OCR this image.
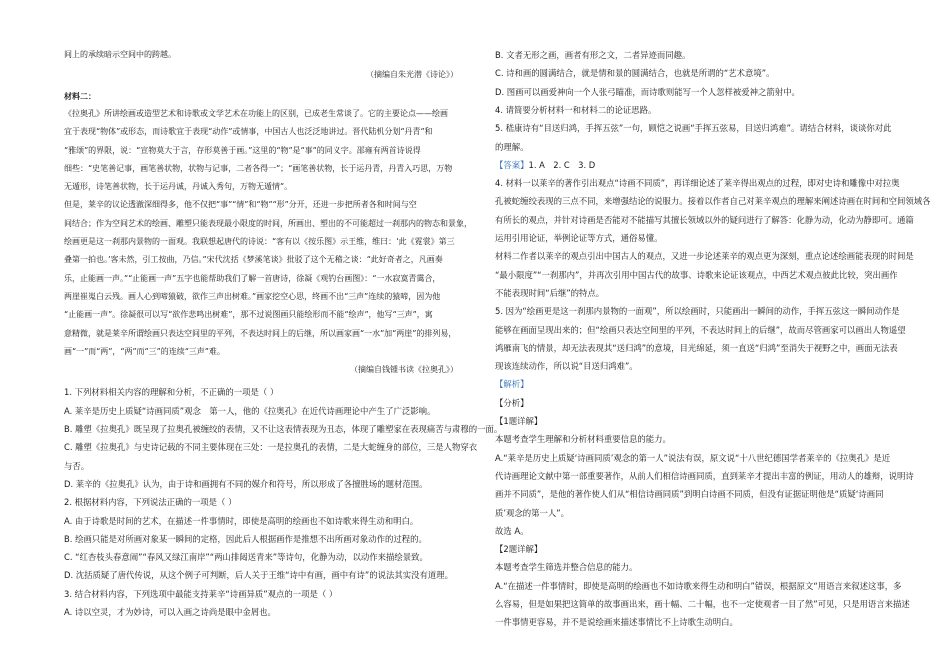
间上的承续暗示空间中的跨越。
（摘编自朱光潜《诗论》）
材料二：
《拉奥孔》所讲绘画或造型艺术和诗歌或文学艺术在功能上的区别，已成老生常谈了。它的主要论点——绘画
宜于表现“物体”或形态，而诗歌宜于表现“动作”或情事，中国古人也泛泛地讲过。晋代陆机分划“丹青”和
“雅颂”的界限，说：“宣物莫大于言，存形莫善于画。”这里的“物”是“事”的同义字。邵雍有两首诗说得
细些：“史笔善记事，画笔善状物，状物与记事，二者各得一”；“画笔善状物，长于运丹青，丹青入巧思，万物
无遁形，诗笔善状物，长于运丹诚，丹诚入秀句，万物无遁情”。
但是，莱辛的议论透澈深细得多，他不仅把“事”“情”和“物”“形”分开，还进一步把所者各和时间与空
间结合；作为空间艺术的绘画、雕塑只能表现最小限度的时间，所画出、塑出的不可能超过一刹那内的物态和景象，
绘画更是这一刹那内景物的一面观。我联想起唐代的诗说：“客有以《按乐图》示王维，维曰：‘此《霓裳》第三
叠第一拍也。’客未然，引工按曲，乃信。”宋代沈括《梦溪笔谈》批驳了这个无稽之谈：“此好奇者之，凡画奏
乐，止能画一声。”“止能画一声”五字也能帮助我们了解一首唐诗，徐凝《观钓台画图》：“一水寂寞青霭合，
两崖崔嵬白云残。画人心到啼猿破，欲作三声出树难。”画家挖空心思，终画不出“三声”连续的猿啼，因为他
“止能画一声”。徐凝很可以写“欲作悲鸣出树难”，那不过说图画只能绘形而不能“绘声”，他写“三声”，寓
意精微，就是莱辛所谓绘画只表达空间里的平列，不表达时间上的后继，所以画家画“一水”加“两崖”的排列易，
画“一”而“两”，“两”而“三”的连续“三声”难。
（摘编自钱锺书读《拉奥孔》）
1. 下列材料相关内容的理解和分析，不正确的一项是（ ）
A. 莱辛是历史上质疑“诗画同质”观念　第一人，他的《拉奥孔》在近代诗画理论中产生了广泛影响。
B. 雕塑《拉奥孔》既呈现了拉奥孔被缠绞的表情，又不让这表情表现为丑态，体现了雕塑家在表现痛苦与肃穆的一面。
C. 雕塑《拉奥孔》与史诗记载的不同主要体现在三处：一是拉奥孔的表情，二是大蛇缠身的部位，三是人物穿衣
与否。
D. 莱辛的《拉奥孔》认为，由于诗和画拥有不同的媒介和符号，所以形成了各擅胜场的题材范围。
2. 根据材料内容，下列说法正确的一项是（ ）
A. 由于诗歌是时间的艺术，在描述一件事情时，即使是高明的绘画也不如诗歌来得生动和明白。
B. 绘画只能是对所画对象某一瞬间的定格，因此后人根据画作是推想不出所画对象动作的过程的。
C. “红杏枝头春意闹”“春风又绿江南岸”“两山排闼送青来”等诗句，化静为动，以动作来描绘景致。
D. 沈括质疑了唐代传说，从这个例子可判断，后人关于王维“诗中有画，画中有诗”的说法其实没有道理。
3. 结合材料内容，下列选项中最能支持莱辛“诗画异质”观点的一项是（ ）
A. 诗以空灵，才为妙诗，可以入画之诗尚是眼中金屑也。
B. 文者无形之画，画者有形之文，二者异迹而同趣。
C. 诗和画的圆满结合，就是情和景的圆满结合，也就是所谓的“艺术意境”。
D. 图画可以画爱神向一个人张弓瞄准，而诗歌则能写一个人忽样被爱神之箭射中。
4. 请简要分析材料一和材料二的论证思路。
5. 嵇康诗有“目送归鸿，手挥五弦”一句，顾恺之说画“手挥五弦易，目送归鸿难”。请结合材料，谈谈你对此
的理解。
【答案】1. A　2. C　3. D
4. 材料一以莱辛的著作引出观点“诗画不同质”，再详细论述了莱辛得出观点的过程，即对史诗和雕像中对拉奥
孔被蛇缠绞表现的三点不同，来增强结论的说服力。接着以作者自己对莱辛观点的理解来阐述诗画在时间和空间领域各
有所长的观点，并针对诗画是否能对不能描写其擅长领域以外的疑问进行了解答：化静为动，化动为静即可。通篇
运用引用论证，举例论证等方式，通俗易懂。
材料二作者以莱辛的观点引出中国古人的观点，又进一步论述莱辛的观点更为深刻，重点论述绘画能表现的时间是
“最小限度”“一刹那内”，并再次引用中国古代的故事、诗歌来论证该观点，中西艺术观点彼此比较，突出画作
不能表现时间“后继”的特点。
5. 因为“绘画更是这一刹那内景物的一面观”，所以绘画时，只能画出一瞬间的动作，手挥五弦这一瞬间动作是
能够在画面呈现出来的；但“绘画只表达空间里的平列，不表达时间上的后继”，故而尽管画家可以画出人物遥望
鸿雁南飞的情景，却无法表现其“送归鸿”的意境，目光绵延，须一直送“归鸿”至消失于视野之中，画面无法表
现该连续动作，所以说“目送归鸿难”。
【解析】
【分析】
【1题详解】
本题考查学生理解和分析材料重要信息的能力。
A.“莱辛是历史上质疑‘诗画同质’观念的第一人”说法有误，原文说“十八世纪德国学者莱辛的《拉奥孔》是近
代诗画理论文献中第一部重要著作，从前人们相信诗画同质，直到莱辛才提出丰富的例证，用动人的雄辩，说明诗
画并不同质”，是他的著作使人们从“相信诗画同质”到明白诗画不同质，但没有证据证明他是“质疑‘诗画同
质’观念的第一人”。
故选 A。
【2题详解】
本题考查学生筛选并整合信息的能力。
A.“在描述一件事情时，即使是高明的绘画也不如诗歌来得生动和明白”错误，根据原文“用语言来叙述这事，多
么容易，但是如果把这简单的故事画出来，画十幅、二十幅，也不一定使观者一目了然”可见，只是用语言来描述
一件事情更容易，并不是说绘画来描述事情比不上诗歌生动明白。
